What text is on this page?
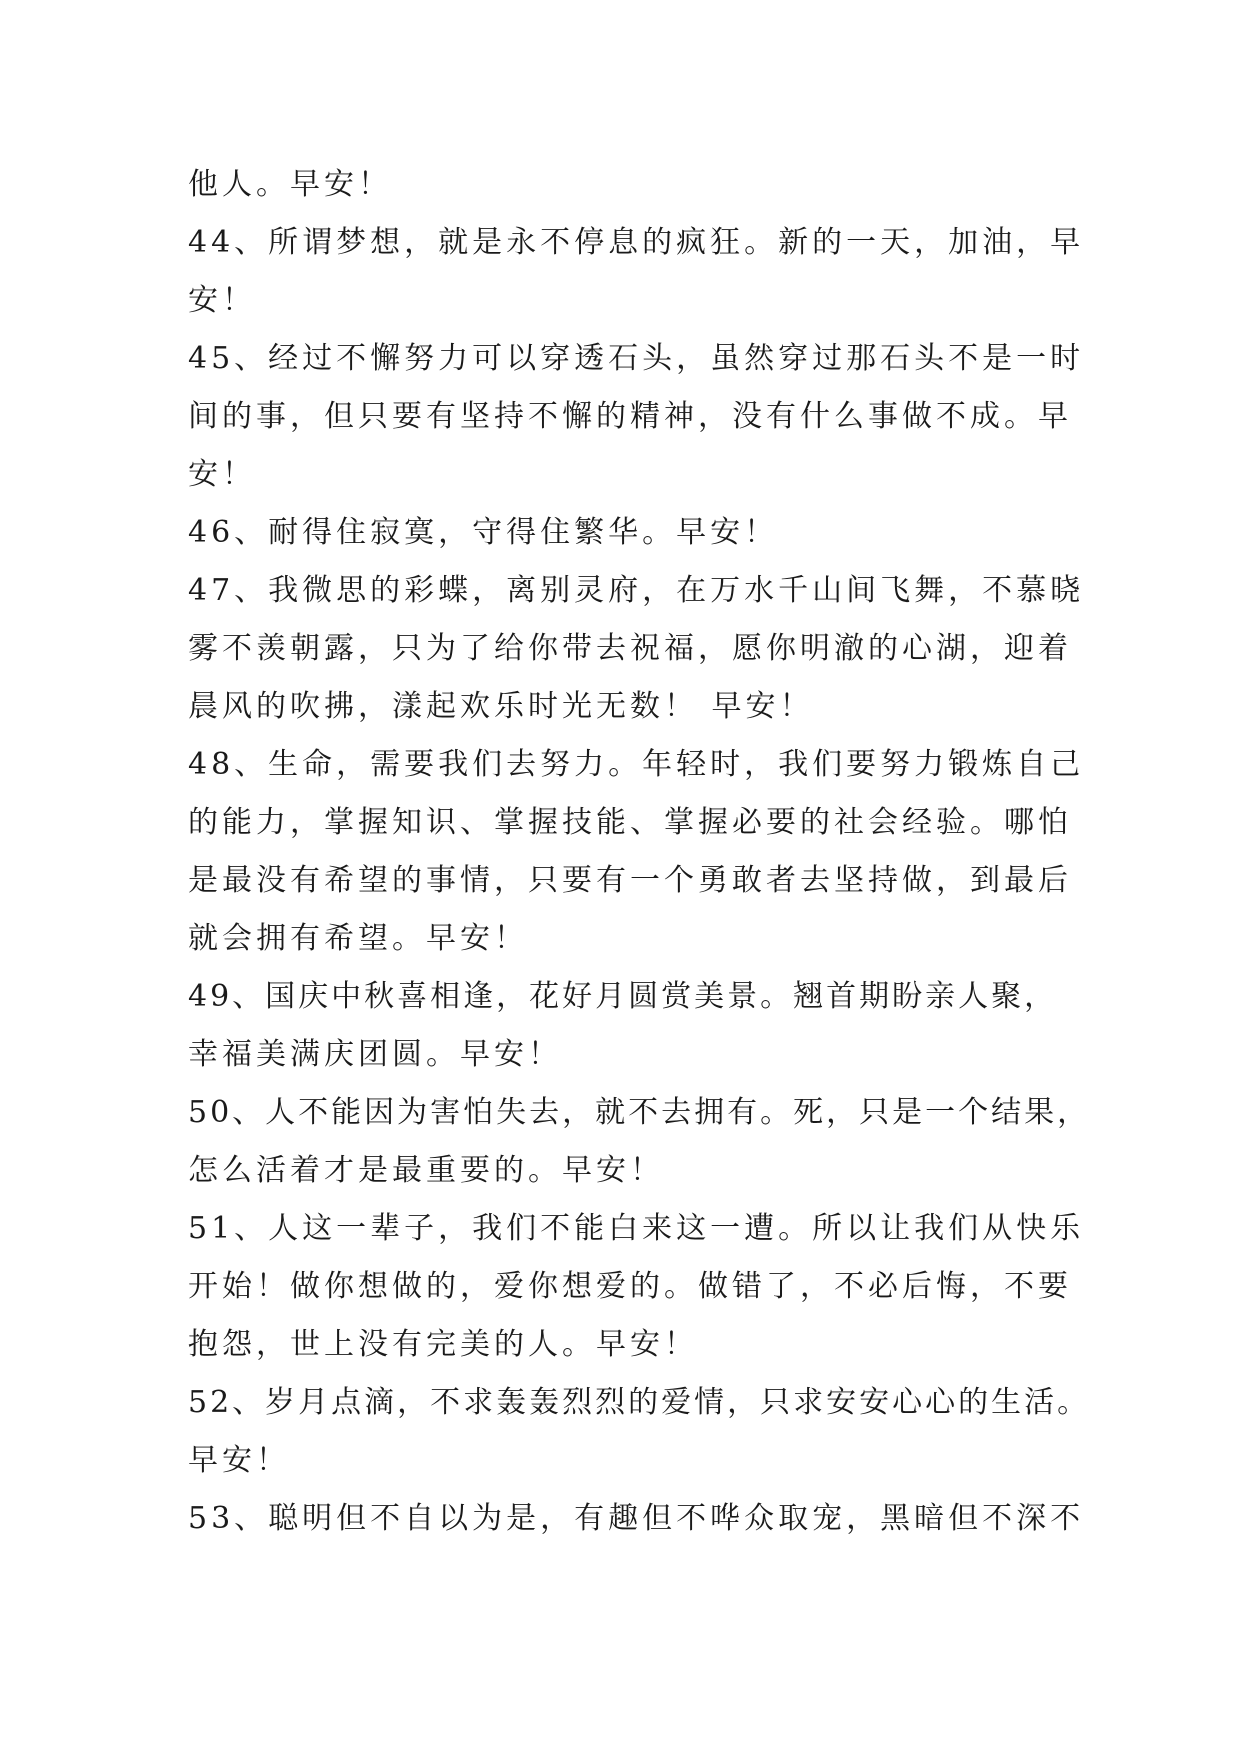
他人。早安！
44、所谓梦想，就是永不停息的疯狂。新的一天，加油，早
安！
45、经过不懈努力可以穿透石头，虽然穿过那石头不是一时
间的事，但只要有坚持不懈的精神，没有什么事做不成。早
安！
46、耐得住寂寞，守得住繁华。早安！
47、我微思的彩蝶，离别灵府，在万水千山间飞舞，不慕晓
雾不羡朝露，只为了给你带去祝福，愿你明澈的心湖，迎着
晨风的吹拂，漾起欢乐时光无数！ 早安！
48、生命，需要我们去努力。年轻时，我们要努力锻炼自己
的能力，掌握知识、掌握技能、掌握必要的社会经验。哪怕
是最没有希望的事情，只要有一个勇敢者去坚持做，到最后
就会拥有希望。早安！
49、国庆中秋喜相逢，花好月圆赏美景。翘首期盼亲人聚，
幸福美满庆团圆。早安！
50、人不能因为害怕失去，就不去拥有。死，只是一个结果，
怎么活着才是最重要的。早安！
51、人这一辈子，我们不能白来这一遭。所以让我们从快乐
开始！做你想做的，爱你想爱的。做错了，不必后悔，不要
抱怨，世上没有完美的人。早安！
52、岁月点滴，不求轰轰烈烈的爱情，只求安安心心的生活。
早安！
53、聪明但不自以为是，有趣但不哗众取宠，黑暗但不深不
